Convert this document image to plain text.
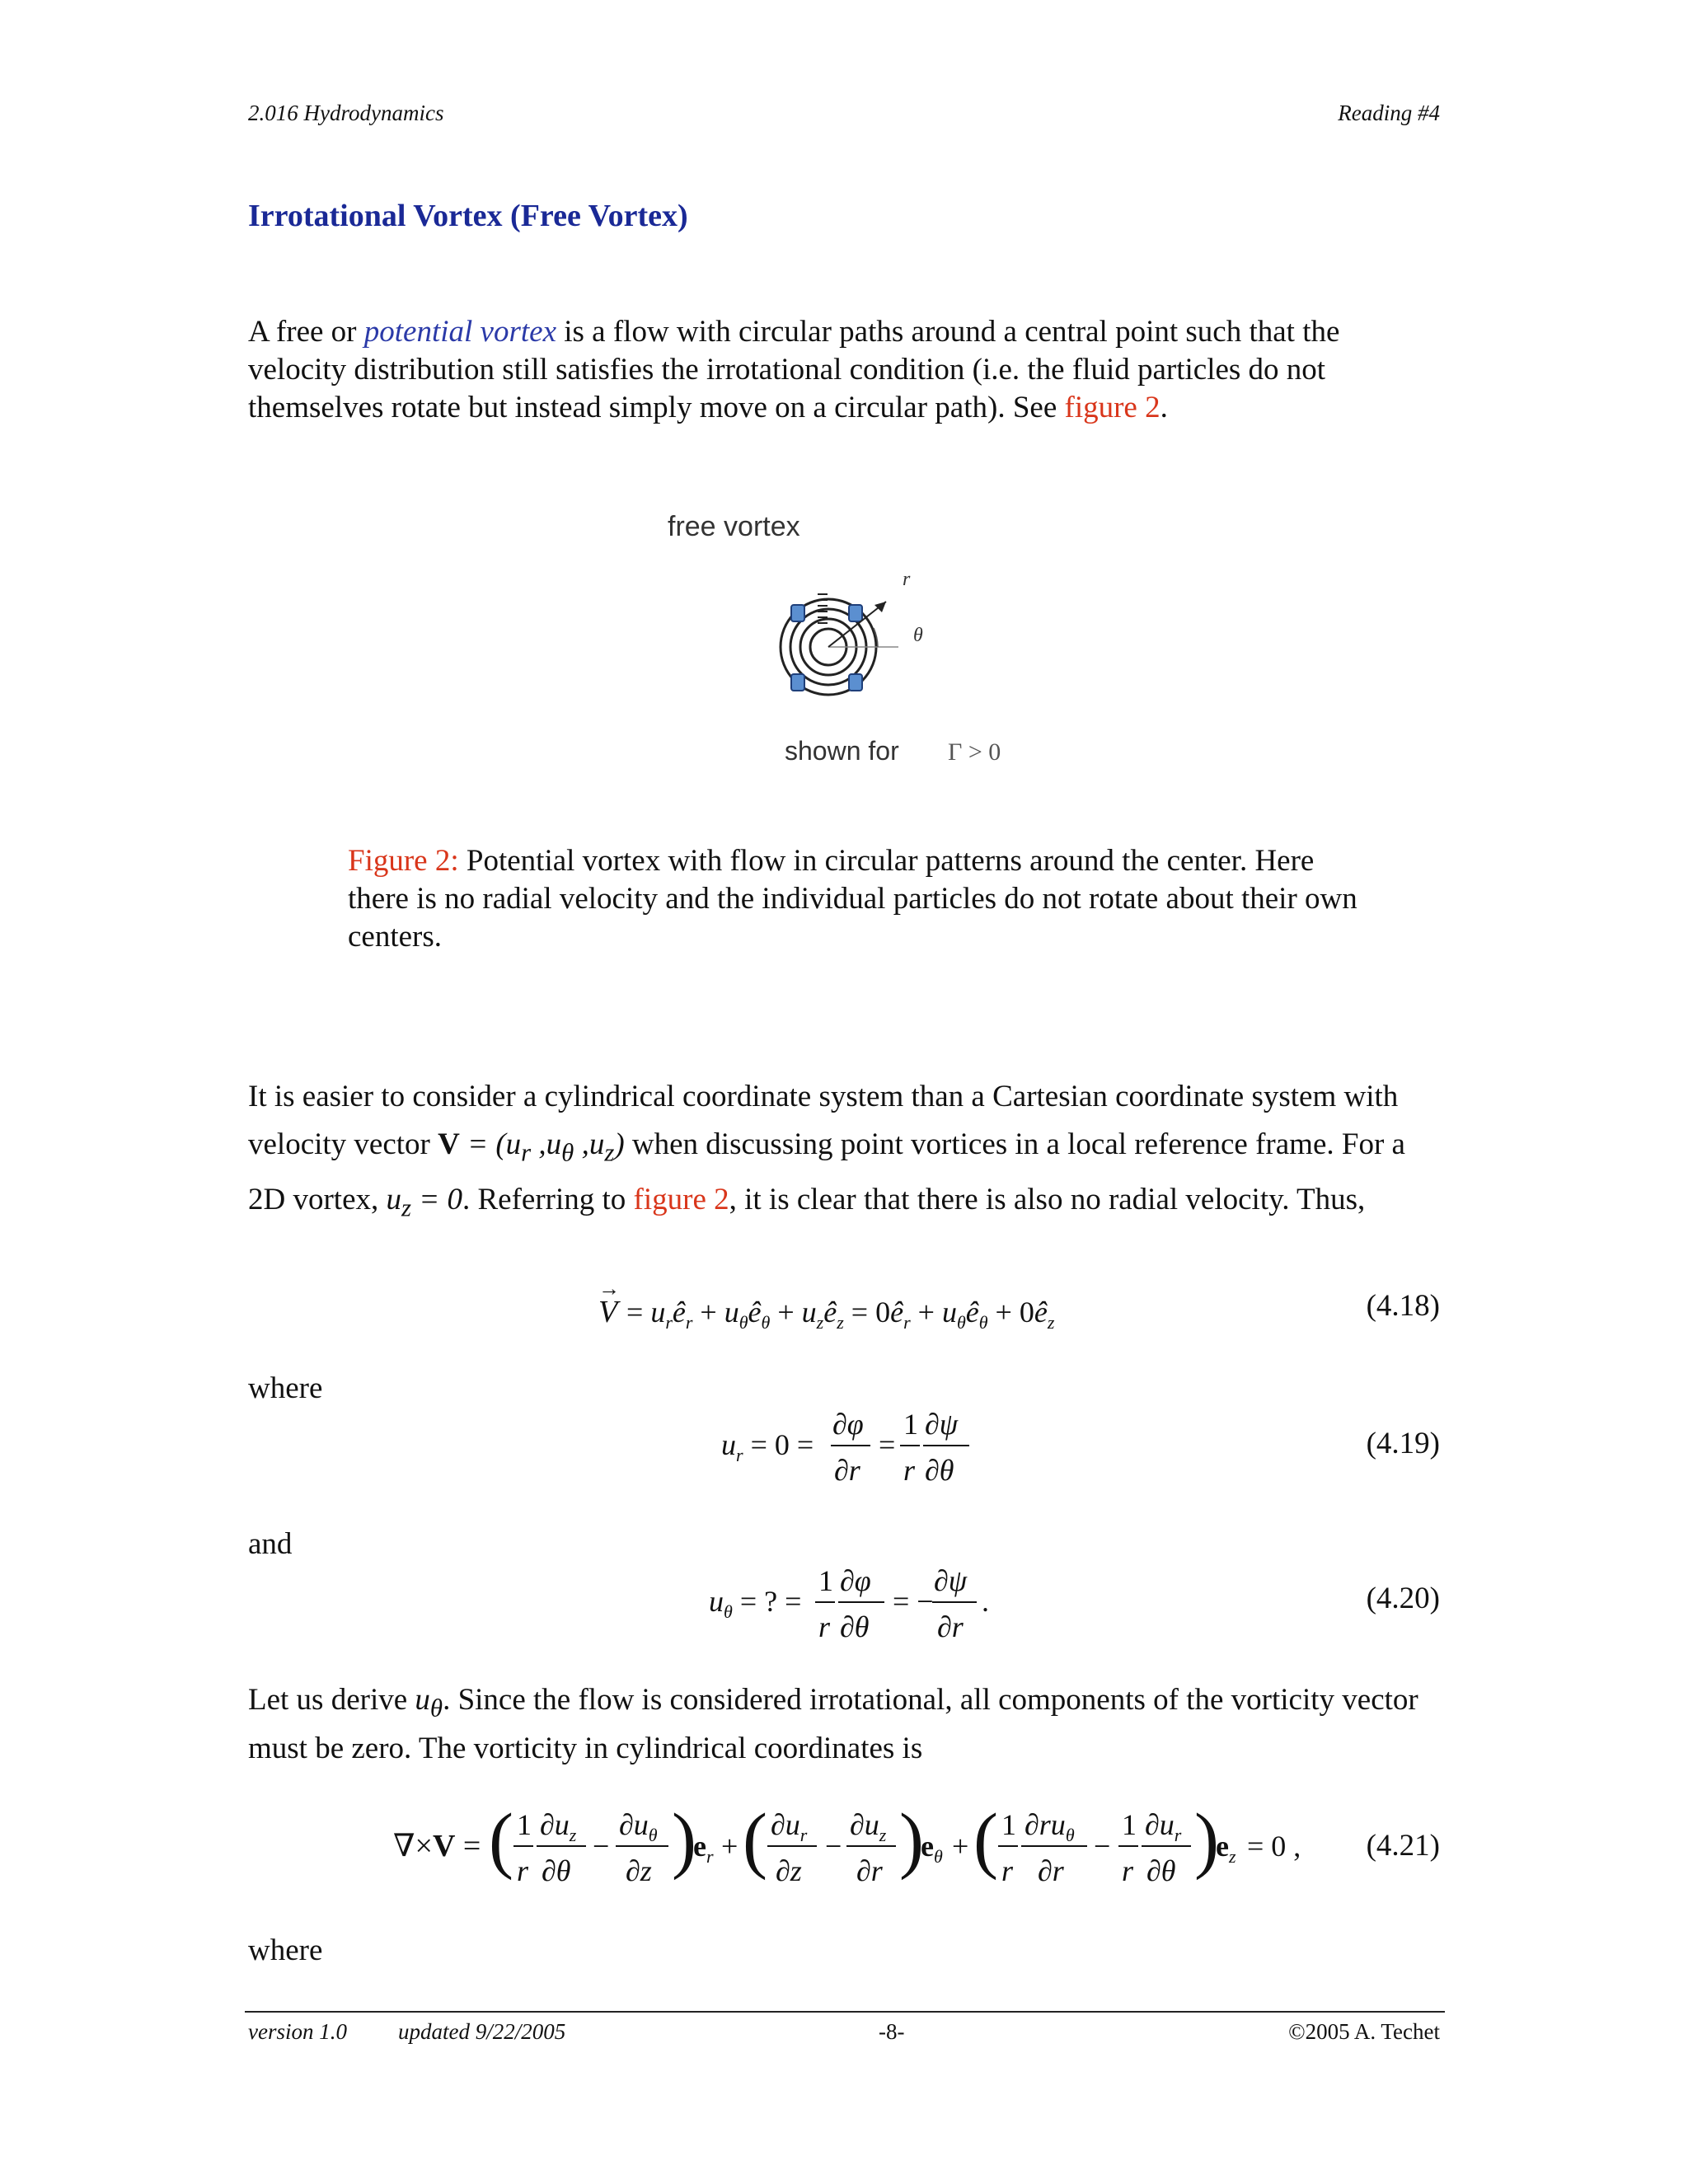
2.016 Hydrodynamics	Reading #4
Irrotational Vortex (Free Vortex)

A free or potential vortex is a flow with circular paths around a central point such that the velocity distribution still satisfies the irrotational condition (i.e. the fluid particles do not themselves rotate but instead simply move on a circular path). See figure 2.

free vortex
r
θ
shown for Γ > 0

Figure 2: Potential vortex with flow in circular patterns around the center. Here there is no radial velocity and the individual particles do not rotate about their own centers.

It is easier to consider a cylindrical coordinate system than a Cartesian coordinate system with velocity vector $V = (u_r$ $,u_\theta$ $,u_z$) when discussing point vortices in a local reference frame. For a 2D vortex, $u_z = 0$. Referring to figure 2, it is clear that there is also no radial velocity. Thus,

V
→
= $u_rê_r$ + $u_\theta ê_\theta$ + $u_zê_z$ = $0ê_r$ + $u_\theta ê_\theta$ + $0ê_z$	(4.18)
where
$u_r = 0$ =
∂φ
∂r
=
1
r
∂ψ
∂θ
(4.19)
and
$u_\theta$ = ? =
1
r
∂φ
∂θ
= −
∂ψ
∂r
.	(4.20)

Let us derive $u_\theta$. Since the flow is considered irrotational, all components of the vorticity vector must be zero. The vorticity in cylindrical coordinates is

∇×V = ( 1
r
$\partial u_z$
∂θ
−
$\partial u_\theta$
∂z )
$e_r$ + ( $\partial u_r$
∂z
−
$\partial u_z$
∂r )
$e_\theta$ + ( 1
r
$\partial ru_\theta$
∂r
−
1
r
$\partial u_r$
∂θ )
$e_z = 0$ , (4.21)
where
version 1.0 updated 9/22/2005	-8-	©2005 A. Techet
